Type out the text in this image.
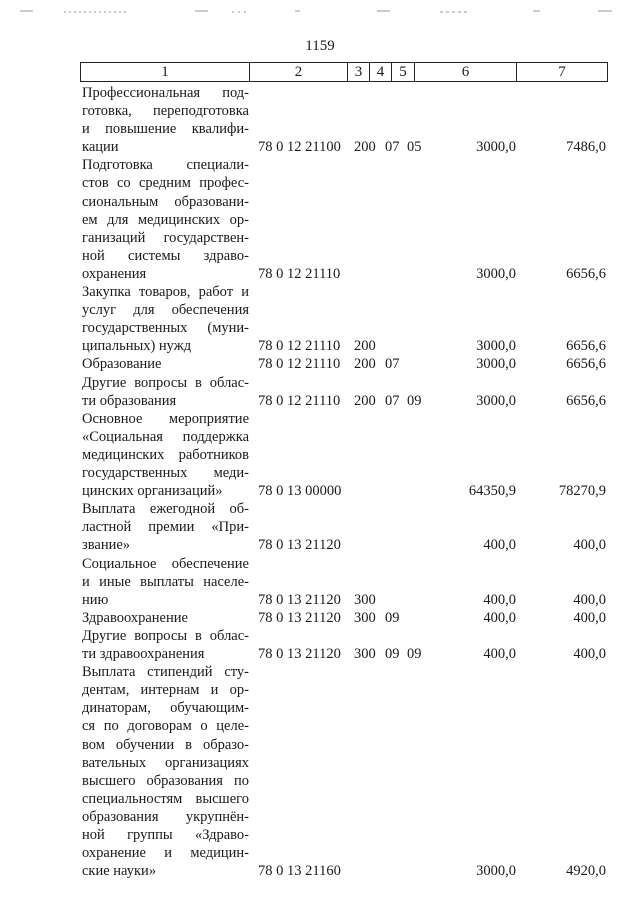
1159
1	2	3 4	5	6	7
Профессиональная под-
готовка, переподготовка
и повышение квалифи-
кации	78 0 12 21100 200 07 05	3000,0	7486,0
Подготовка специали-
стов со средним профес-
сиональным образовани-
ем для медицинских ор-
ганизаций государствен-
ной системы здраво-
охранения	78 0 12 21110	3000,0	6656,6
Закупка товаров, работ и
услуг для обеспечения
государственных (муни-
ципальных) нужд	78 0 12 21110 200	3000,0	6656,6
Образование	78 0 12 21110 200 07	3000,0	6656,6
Другие вопросы в облас-
ти образования	78 0 12 21110 200 07 09	3000,0	6656,6
Основное мероприятие
«Социальная поддержка
медицинских работников
государственных меди-
цинских организаций»	78 0 13 00000	64350,9	78270,9
Выплата ежегодной об-
ластной премии «При-
звание»	78 0 13 21120	400,0	400,0
Социальное обеспечение
и иные выплаты населе-
нию	78 0 13 21120 300	400,0	400,0
Здравоохранение	78 0 13 21120 300 09	400,0	400,0
Другие вопросы в облас-
ти здравоохранения	78 0 13 21120 300 09 09	400,0	400,0
Выплата стипендий сту-
дентам, интернам и ор-
динаторам, обучающим-
ся по договорам о целе-
вом обучении в образо-
вательных организациях
высшего образования по
специальностям высшего
образования укрупнён-
ной группы «Здраво-
охранение и медицин-
ские науки»	78 0 13 21160	3000,0	4920,0
